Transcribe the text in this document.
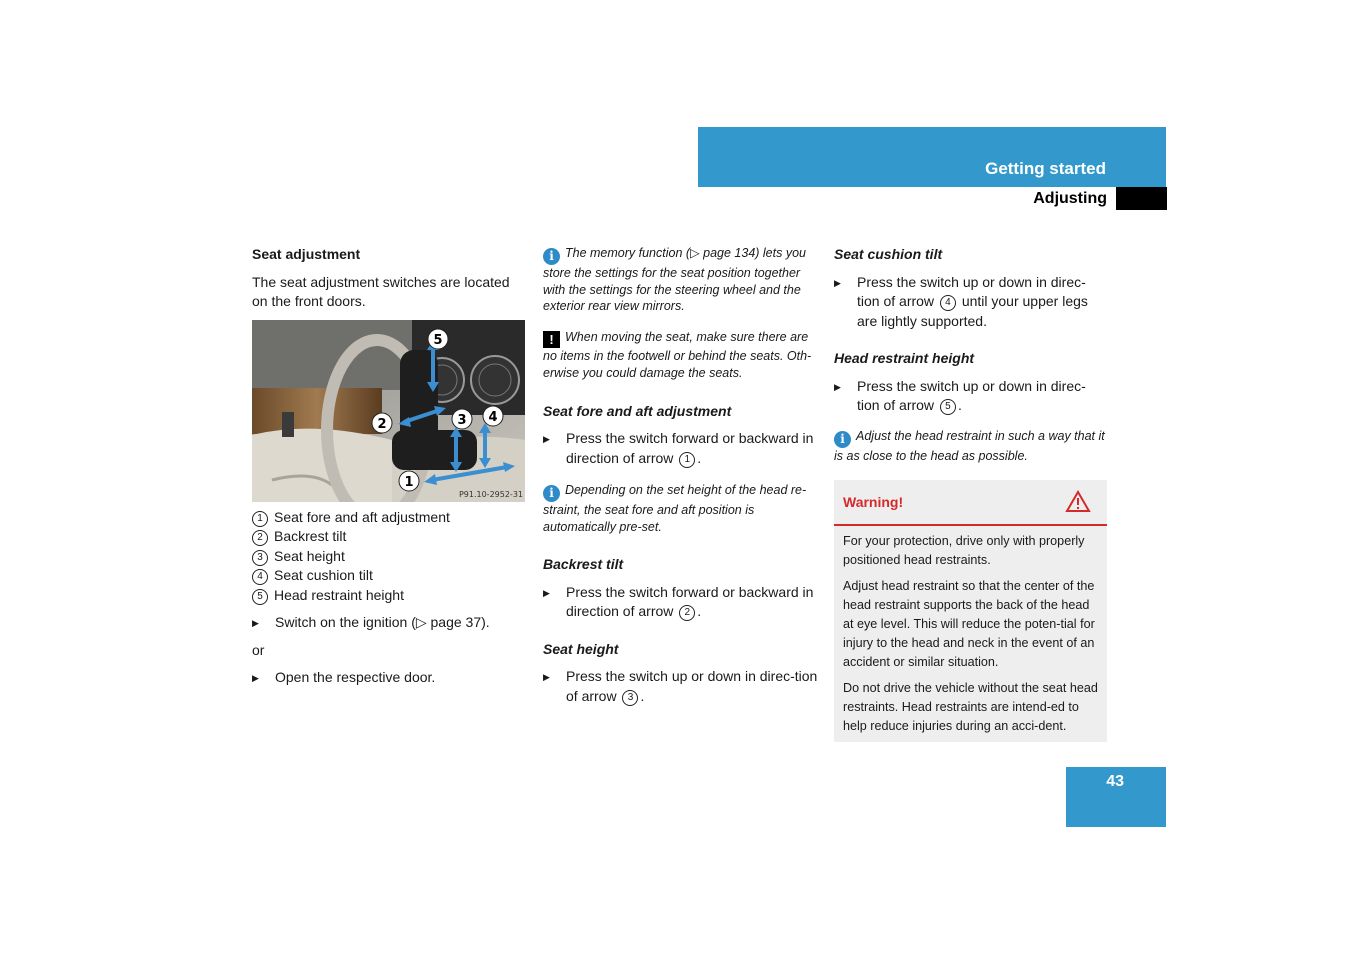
Getting started
Adjusting
Seat adjustment

The seat adjustment switches are located on the front doors.

5
2	3 4
1
P91.10-2952-31
1 Seat fore and aft adjustment
2 Backrest tilt
3 Seat height
4 Seat cushion tilt
5 Head restraint height
▶ Switch on the ignition (▷ page 37).

or

▶ Open the respective door.
i The memory function (▷ page 134) lets you store the settings for the seat position together with the settings for the steering wheel and the exterior rear view mirrors.
! When moving the seat, make sure there are no items in the footwell or behind the seats. Oth-erwise you could damage the seats.
Seat fore and aft adjustment
▶ Press the switch forward or backward in direction of arrow 1 .
i Depending on the set height of the head re-straint, the seat fore and aft position is automatically pre-set.
Backrest tilt
▶ Press the switch forward or backward in direction of arrow 2 .
Seat height
▶ Press the switch up or down in direc-tion of arrow 3 .
Seat cushion tilt
▶ Press the switch up or down in direc-tion of arrow 4 until your upper legs are lightly supported.
Head restraint height
▶ Press the switch up or down in direc-tion of arrow 5 .
i Adjust the head restraint in such a way that it is as close to the head as possible.
Warning!

For your protection, drive only with properly positioned head restraints.

Adjust head restraint so that the center of the head restraint supports the back of the head at eye level. This will reduce the poten-tial for injury to the head and neck in the event of an accident or similar situation.

Do not drive the vehicle without the seat head restraints. Head restraints are intend-ed to help reduce injuries during an acci-dent.

43
